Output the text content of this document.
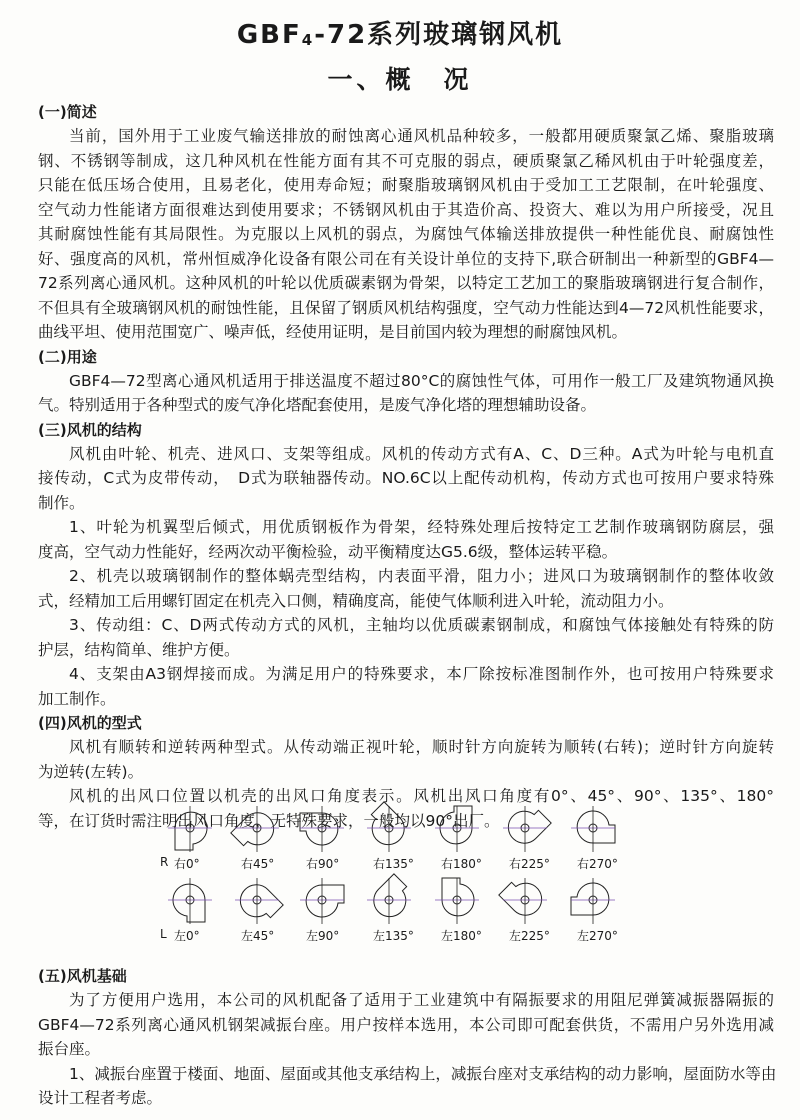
$GBF_4-72$系列玻璃钢风机
一、概　况
(一)简述
当前，国外用于工业废气输送排放的耐蚀离心通风机品种较多，一般都用硬质聚氯乙烯、聚脂玻璃
钢、不锈钢等制成，这几种风机在性能方面有其不可克服的弱点，硬质聚氯乙稀风机由于叶轮强度差，
只能在低压场合使用，且易老化，使用寿命短；耐聚脂玻璃钢风机由于受加工工艺限制，在叶轮强度、
空气动力性能诸方面很难达到使用要求；不锈钢风机由于其造价高、投资大、难以为用户所接受，况且
其耐腐蚀性能有其局限性。为克服以上风机的弱点，为腐蚀气体输送排放提供一种性能优良、耐腐蚀性
好、强度高的风机，常州恒威净化设备有限公司在有关设计单位的支持下,联合研制出一种新型的GBF4—
72系列离心通风机。这种风机的叶轮以优质碳素钢为骨架，以特定工艺加工的聚脂玻璃钢进行复合制作，
不但具有全玻璃钢风机的耐蚀性能，且保留了钢质风机结构强度，空气动力性能达到4—72风机性能要求，
曲线平坦、使用范围宽广、噪声低，经使用证明，是目前国内较为理想的耐腐蚀风机。
(二)用途
GBF4—72型离心通风机适用于排送温度不超过80°C的腐蚀性气体，可用作一般工厂及建筑物通风换
气。特别适用于各种型式的废气净化塔配套使用，是废气净化塔的理想辅助设备。
(三)风机的结构
风机由叶轮、机壳、进风口、支架等组成。风机的传动方式有A、C、D三种。A式为叶轮与电机直
接传动，C式为皮带传动，　D式为联轴器传动。NO.6C以上配传动机构，传动方式也可按用户要求特殊
制作。
1、叶轮为机翼型后倾式，用优质钢板作为骨架，经特殊处理后按特定工艺制作玻璃钢防腐层，强
度高，空气动力性能好，经两次动平衡检验，动平衡精度达G5.6级，整体运转平稳。
2、机壳以玻璃钢制作的整体蜗壳型结构，内表面平滑，阻力小；进风口为玻璃钢制作的整体收敛
式，经精加工后用螺钉固定在机壳入口侧，精确度高，能使气体顺利进入叶轮，流动阻力小。
3、传动组：C、D两式传动方式的风机，主轴均以优质碳素钢制成，和腐蚀气体接触处有特殊的防
护层，结构简单、维护方便。
4、支架由A3钢焊接而成。为满足用户的特殊要求，本厂除按标准图制作外，也可按用户特殊要求
加工制作。
(四)风机的型式
风机有顺转和逆转两种型式。从传动端正视叶轮，顺时针方向旋转为顺转(右转)；逆时针方向旋转
为逆转(左转)。
风机的出风口位置以机壳的出风口角度表示。风机出风口角度有0°、45°、90°、135°、180°
等，在订货时需注明出风口角度，无特殊要求，一般均以90°出厂。
R 右0°	右45°	右90°	右135° 右180° 右225° 右270°
L 左0°	左45°	左90°	左135° 左180° 左225° 左270°
(五)风机基础
为了方便用户选用，本公司的风机配备了适用于工业建筑中有隔振要求的用阻尼弹簧减振器隔振的
GBF4—72系列离心通风机钢架减振台座。用户按样本选用，本公司即可配套供货，不需用户另外选用减
振台座。
1、减振台座置于楼面、地面、屋面或其他支承结构上，减振台座对支承结构的动力影响，屋面防水等由
设计工程者考虑。
